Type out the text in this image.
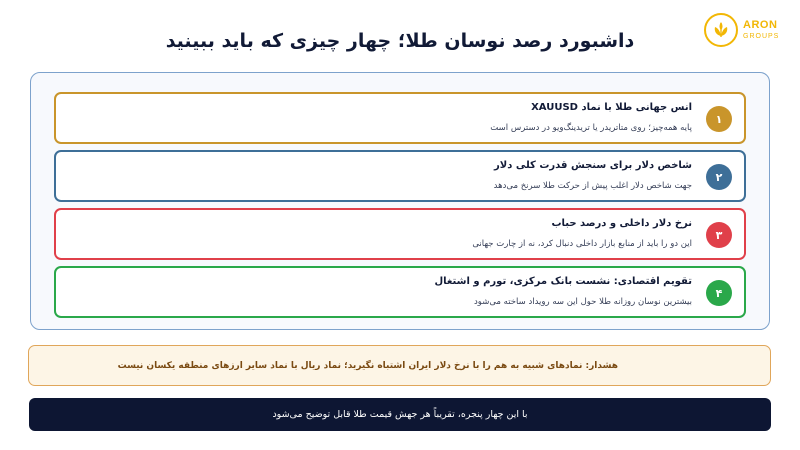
ARON
GROUPS
داشبورد رصد نوسان طلا؛ چهار چیزی که باید ببینید
۱
انس جهانی طلا با نماد XAUUSD
پایه همه‌چیز؛ روی متاتریدر یا تریدینگ‌ویو در دسترس است
۲
شاخص دلار برای سنجش قدرت کلی دلار
جهت شاخص دلار اغلب پیش از حرکت طلا سرنخ می‌دهد
۳
نرخ دلار داخلی و درصد حباب
این دو را باید از منابع بازار داخلی دنبال کرد، نه از چارت جهانی
۴
تقویم اقتصادی: نشست بانک مرکزی، تورم و اشتغال
بیشترین نوسان روزانه طلا حول این سه رویداد ساخته می‌شود
هشدار: نمادهای شبیه به هم را با نرخ دلار ایران اشتباه نگیرید؛ نماد ریال با نماد سایر ارزهای منطقه یکسان نیست
با این چهار پنجره، تقریباً هر جهش قیمت طلا قابل توضیح می‌شود
